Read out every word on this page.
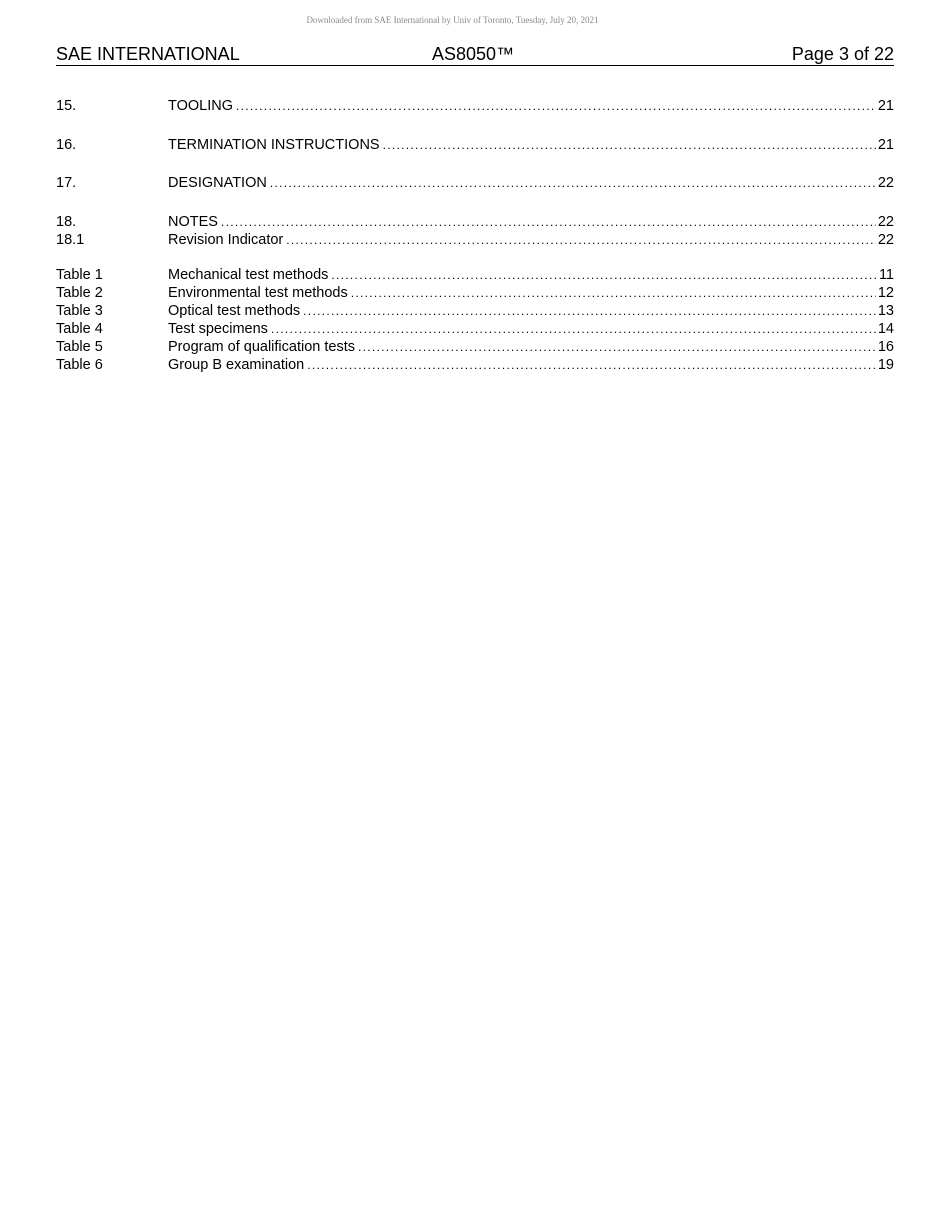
Downloaded from SAE International by Univ of Toronto, Tuesday, July 20, 2021
SAE INTERNATIONAL	AS8050™	Page 3 of 22
15.	TOOLING .....	21
16.	TERMINATION INSTRUCTIONS .....	21
17.	DESIGNATION .....	22
18.	NOTES .....	22
18.1	Revision Indicator .....	22
Table 1	Mechanical test methods .....	11
Table 2	Environmental test methods .....	12
Table 3	Optical test methods .....	13
Table 4	Test specimens .....	14
Table 5	Program of qualification tests .....	16
Table 6	Group B examination .....	19
